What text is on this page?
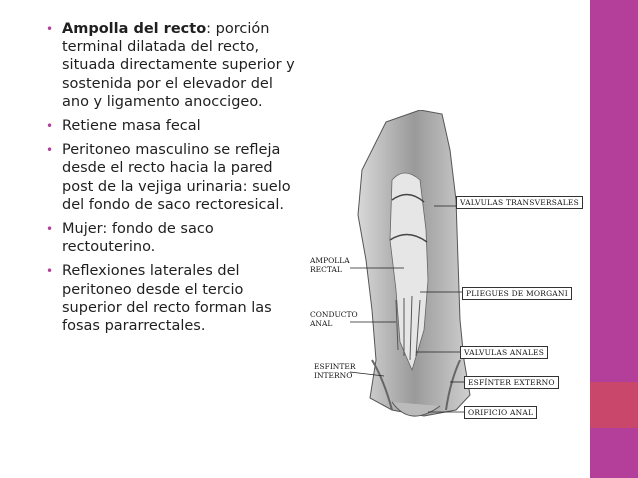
• Ampolla del recto: porción terminal dilatada del recto, situada directamente superior y sostenida por el elevador del ano y ligamento anoccigeo.
• Retiene masa fecal
• Peritoneo masculino se refleja desde el recto hacia la pared post de la vejiga urinaria: suelo del fondo de saco rectoresical.
• Mujer: fondo de saco rectouterino.
• Reflexiones laterales del peritoneo desde el tercio superior del recto forman las fosas pararrectales.
VALVULAS TRANSVERSALES
AMPOLLA
RECTAL
PLIEGUES DE MORGANI
CONDUCTO
ANAL
VALVULAS ANALES
ESFINTER
INTERNO
ESFÍNTER EXTERNO
ORIFICIO ANAL
